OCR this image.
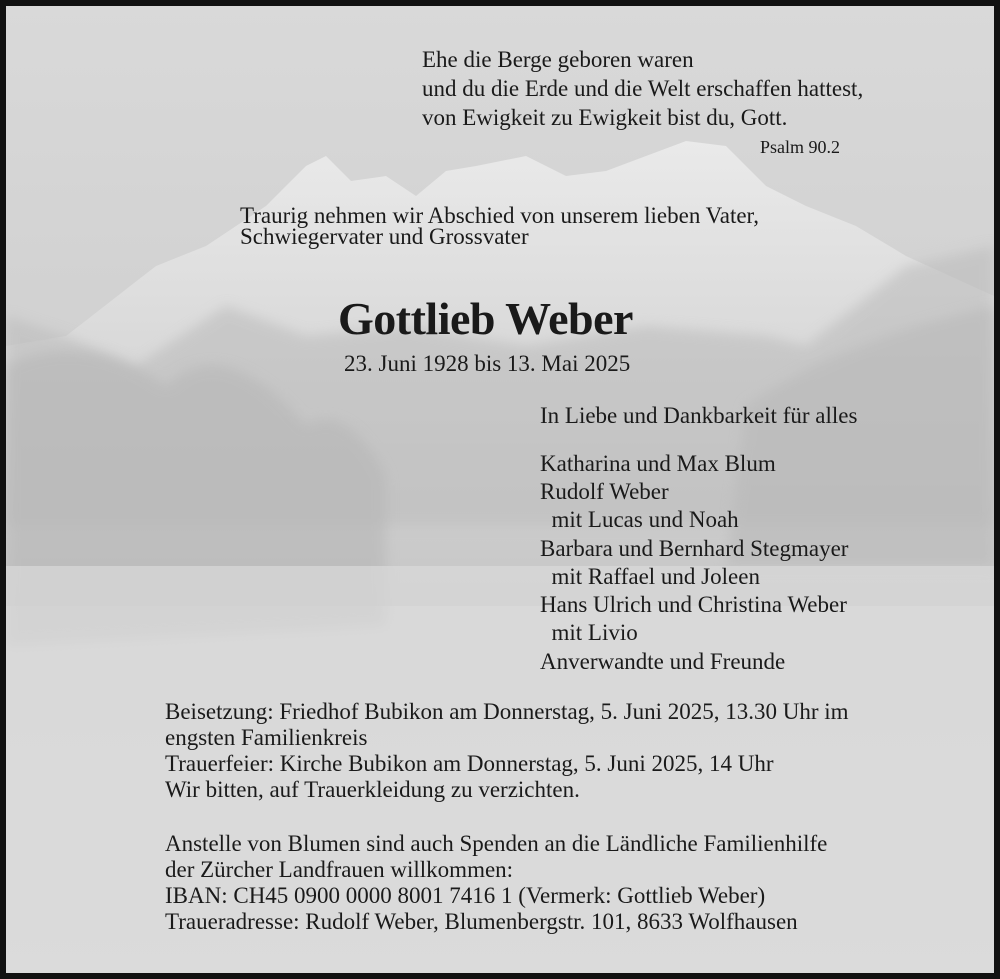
Ehe die Berge geboren waren
und du die Erde und die Welt erschaffen hattest,
von Ewigkeit zu Ewigkeit bist du, Gott.
Psalm 90.2
Traurig nehmen wir Abschied von unserem lieben Vater,
Schwiegervater und Grossvater
Gottlieb Weber
23. Juni 1928 bis 13. Mai 2025
In Liebe und Dankbarkeit für alles
Katharina und Max Blum
Rudolf Weber
mit Lucas und Noah
Barbara und Bernhard Stegmayer
mit Raffael und Joleen
Hans Ulrich und Christina Weber
mit Livio
Anverwandte und Freunde
Beisetzung: Friedhof Bubikon am Donnerstag, 5. Juni 2025, 13.30 Uhr im
engsten Familienkreis
Trauerfeier: Kirche Bubikon am Donnerstag, 5. Juni 2025, 14 Uhr
Wir bitten, auf Trauerkleidung zu verzichten.
Anstelle von Blumen sind auch Spenden an die Ländliche Familienhilfe
der Zürcher Landfrauen willkommen:
IBAN: CH45 0900 0000 8001 7416 1 (Vermerk: Gottlieb Weber)
Traueradresse: Rudolf Weber, Blumenbergstr. 101, 8633 Wolfhausen
